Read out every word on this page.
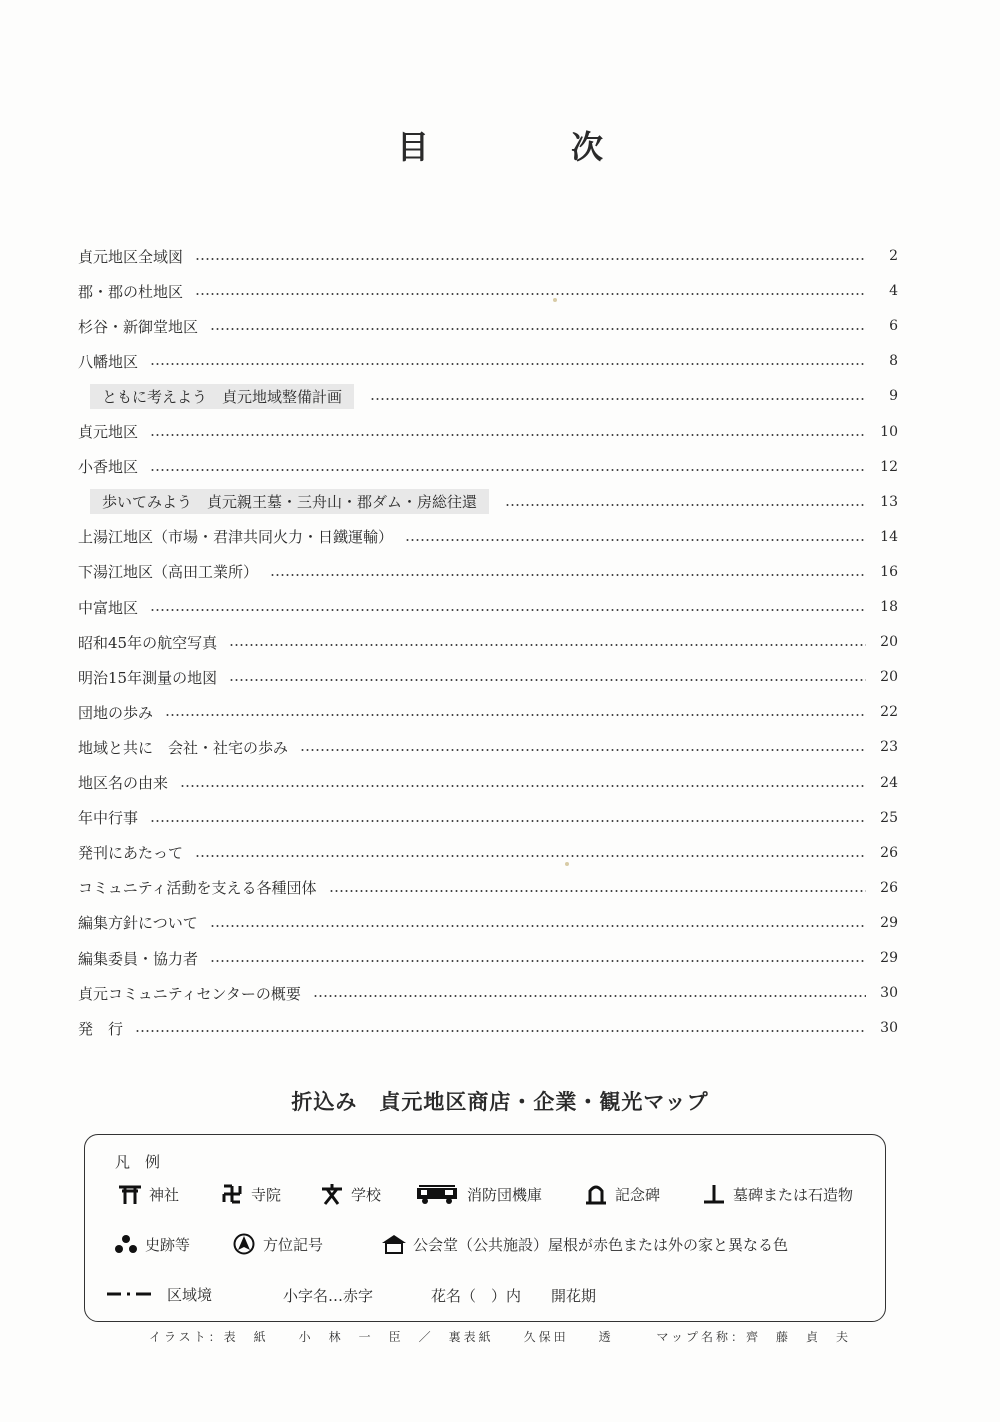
目	次
貞元地区全域図	2
郡・郡の杜地区	4
杉谷・新御堂地区	6
八幡地区	8
ともに考えよう　貞元地域整備計画	9
貞元地区	10
小香地区	12
歩いてみよう　貞元親王墓・三舟山・郡ダム・房総往還	13
上湯江地区（市場・君津共同火力・日鐵運輸）	14
下湯江地区（高田工業所）	16
中富地区	18
昭和45年の航空写真	20
明治15年測量の地図	20
団地の歩み	22
地域と共に　会社・社宅の歩み	23
地区名の由来	24
年中行事	25
発刊にあたって	26
コミュニティ活動を支える各種団体	26
編集方針について	29
編集委員・協力者	29
貞元コミュニティセンターの概要	30
発　行	30
折込み　貞元地区商店・企業・観光マップ
凡　例
神社	寺院	学校	消防団機庫	記念碑	墓碑または石造物
史跡等	方位記号	公会堂（公共施設）屋根が赤色または外の家と異なる色
区域境	小字名…赤字	花名（　）内　　開花期
イラスト：表　紙　　小　林　一　臣　／　裏表紙　　久保田　　透	マップ名称：齊　藤　貞　夫
